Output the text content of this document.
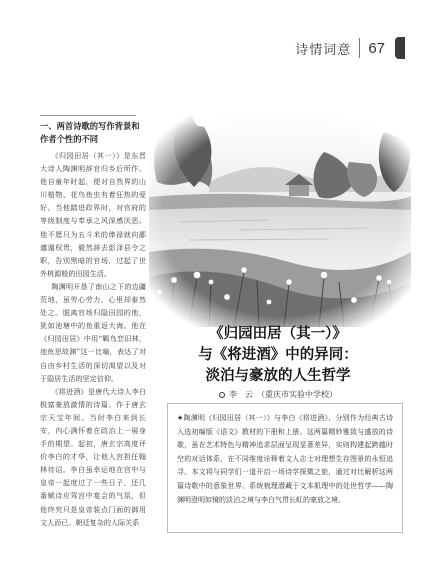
诗情词意 67
一、两首诗歌的写作背景和作者个性的不同

《归园田居（其一）》是东晋大诗人陶渊明辞官归乡后所作。他自童年时起，便对自然界的山川植物、花鸟鱼虫有着狂热的爱好。当他踏进政界时，对官府的等级制度与奉承之风深感厌恶。他不愿只为五斗米的俸禄就向鄙邋遢权贵，毅然辞去彭泽县令之职，告别黑暗的官场，过起了世外桃源般的田园生活。

陶渊明开垦了南山之下的边疆荒地，虽劳心劳力，心里却泰然处之。脱离官场归隐田园的他，犹如池塘中的鱼重返大海。他在《归园田居》中用“羁鸟恋旧林，池鱼思故渊”这一比喻，表达了对自由乡村生活的深切渴望以及对于隐居生活的坚定信仰。

《将进酒》是唐代大诗人李白极富豪放激情的诗篇。作于唐玄宗天宝年间。当时李白来到长安，内心满怀着在政治上一展身手的期望。起初，唐玄宗高度评价李白的才华，让他入宫担任翰林待诏。李白虽幸运地在宫中与皇帝一起度过了一些日子，还几番赋诗应驾宫中宴会的气氛，但他终究只是皇帝装点门面的御用文人而已。朝廷复杂的人际关系

《归园田居（其一）》
与《将进酒》中的异同：
淡泊与豪放的人生哲学
李　云 （重庆市实验中学校）

★陶渊明《归园田居（其一）》与李白《将进酒》，分别作为经典古诗入选初编版《语文》教材的下册和上册。这两篇精妙雅致与盛放的诗歌，虽在艺术特色与精神追求层面呈现显著差异，实则构建起跨越时空的对话体系，在不同维度诠释着文人志士对理想生存图景的永恒追寻。本文将与同学们一道开启一场诗学探微之旅，通过对比解析这两篇诗歌中的意象世界、系统梳理潜藏于文本肌理中的处世哲学——陶渊明澄明如镜的淡泊之境与李白气贯长虹的豪放之境。
